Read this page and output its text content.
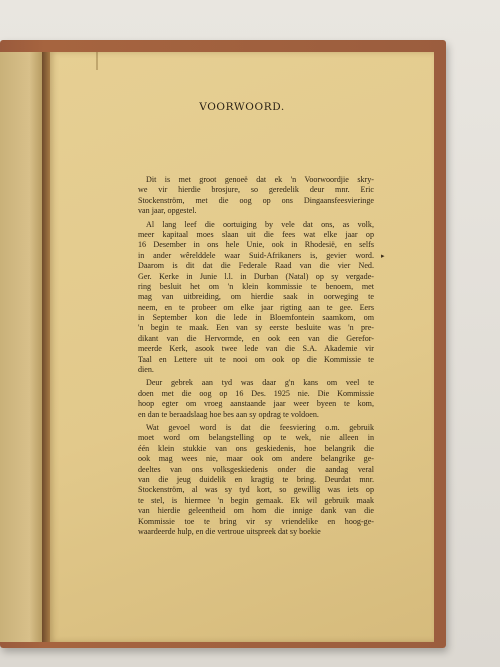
VOORWOORD.
Dit is met groot genoeë dat ek 'n Voorwoordjie skry-
we vir hierdie brosjure, so geredelik deur mnr. Eric
Stockenström, met die oog op ons Dingaansfeesvieringe
van jaar, opgestel.
Al lang leef die oortuiging by vele dat ons, as volk,
meer kapitaal moes slaan uit die fees wat elke jaar op
16 Desember in ons hele Unie, ook in Rhodesië, en selfs
in ander wêrelddele waar Suid-Afrikaners is, gevier word.
Daarom is dit dat die Federale Raad van die vier Ned.
Ger. Kerke in Junie l.l. in Durban (Natal) op sy vergade-
ring besluit het om 'n klein kommissie te benoem, met
mag van uitbreiding, om hierdie saak in oorweging te
neem, en te probeer om elke jaar rigting aan te gee. Eers
in September kon die lede in Bloemfontein saamkom, om
'n begin te maak. Een van sy eerste besluite was 'n pre-
dikant van die Hervormde, en ook een van die Gerefor-
meerde Kerk, asook twee lede van die S.A. Akademie vir
Taal en Lettere uit te nooi om ook op die Kommissie te
dien.
Deur gebrek aan tyd was daar g'n kans om veel te
doen met die oog op 16 Des. 1925 nie. Die Kommissie
hoop egter om vroeg aanstaande jaar weer byeen te kom,
en dan te beraadslaag hoe bes aan sy opdrag te voldoen.
Wat gevoel word is dat die feesviering o.m. gebruik
moet word om belangstelling op te wek, nie alleen in
één klein stukkie van ons geskiedenis, hoe belangrik die
ook mag wees nie, maar ook om andere belangrike ge-
deeltes van ons volksgeskiedenis onder die aandag veral
van die jeug duidelik en kragtig te bring. Deurdat mnr.
Stockenström, al was sy tyd kort, so gewillig was iets op
te stel, is hiermee 'n begin gemaak. Ek wil gebruik maak
van hierdie geleentheid om hom die innige dank van die
Kommissie toe te bring vir sy vriendelike en hoog-ge-
waardeerde hulp, en die vertroue uitspreek dat sy boekie
▸
